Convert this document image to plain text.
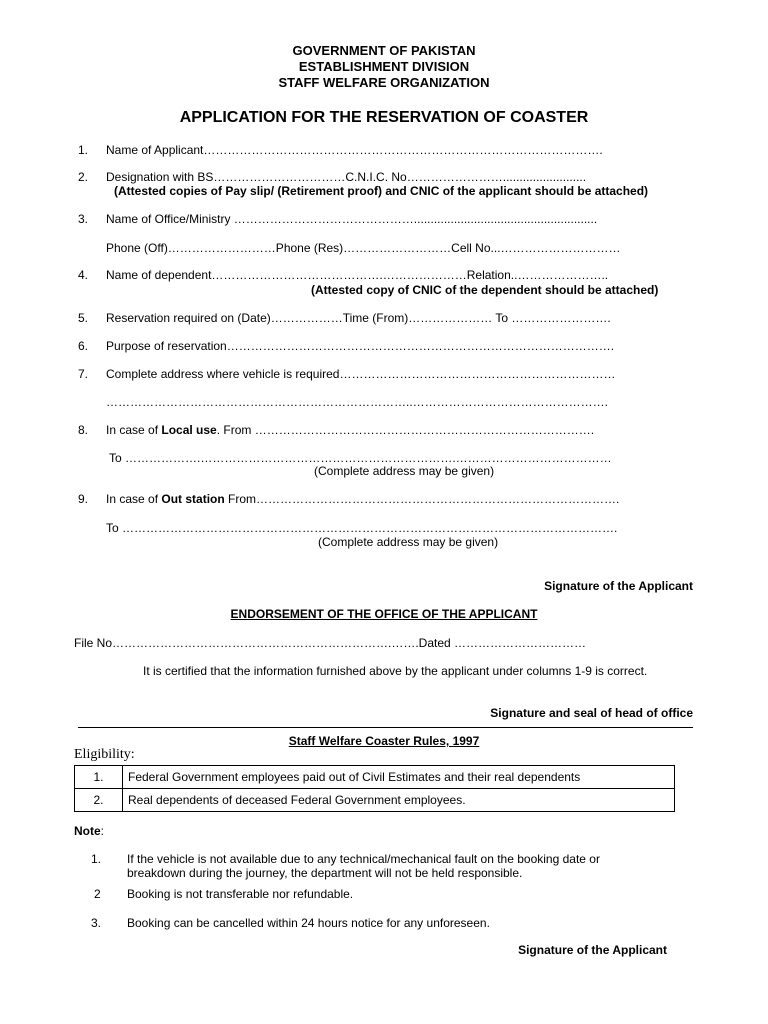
GOVERNMENT OF PAKISTAN
ESTABLISHMENT DIVISION
STAFF WELFARE ORGANIZATION
APPLICATION FOR THE RESERVATION OF COASTER
1.	Name of Applicant……………………………………………………………………………………….
2.	Designation with BS……………………………C.N.I.C. No…………………….........................
(Attested copies of Pay slip/ (Retirement proof) and CNIC of the applicant should be attached)
3.	Name of Office/Ministry ……………………………………….......................................................
Phone (Off)………………………Phone (Res)………………………Cell No...…………………………
4.	Name of dependent…………………………………….…………………Relation..…………………..
(Attested copy of CNIC of the dependent should be attached)
5.	Reservation required on (Date)………………Time (From)………………… To …………………….
6.	Purpose of reservation…………………………………………………………………………………….
7.	Complete address where vehicle is required……………………………………………………………
…………………………………………………………………..………………………………………….
8.	In case of Local use. From ………………………………………………………………………….
To ……………….……………………………………………………….…………………………………
(Complete address may be given)
9.	In case of Out station From……………………………………………………………………………….
To …………………………………………………………………………………………………………….
(Complete address may be given)
Signature of the Applicant
ENDORSEMENT OF THE OFFICE OF THE APPLICANT
File No…………………………………………………………….…….Dated ……………………………
It is certified that the information furnished above by the applicant under columns 1-9 is correct.
Signature and seal of head of office
Staff Welfare Coaster Rules, 1997
Eligibility:
1.	Federal Government employees paid out of Civil Estimates and their real dependents
2.	Real dependents of deceased Federal Government employees.
Note:
1. If the vehicle is not available due to any technical/mechanical fault on the booking date or
breakdown during the journey, the department will not be held responsible.
2 Booking is not transferable nor refundable.
3. Booking can be cancelled within 24 hours notice for any unforeseen.
Signature of the Applicant
